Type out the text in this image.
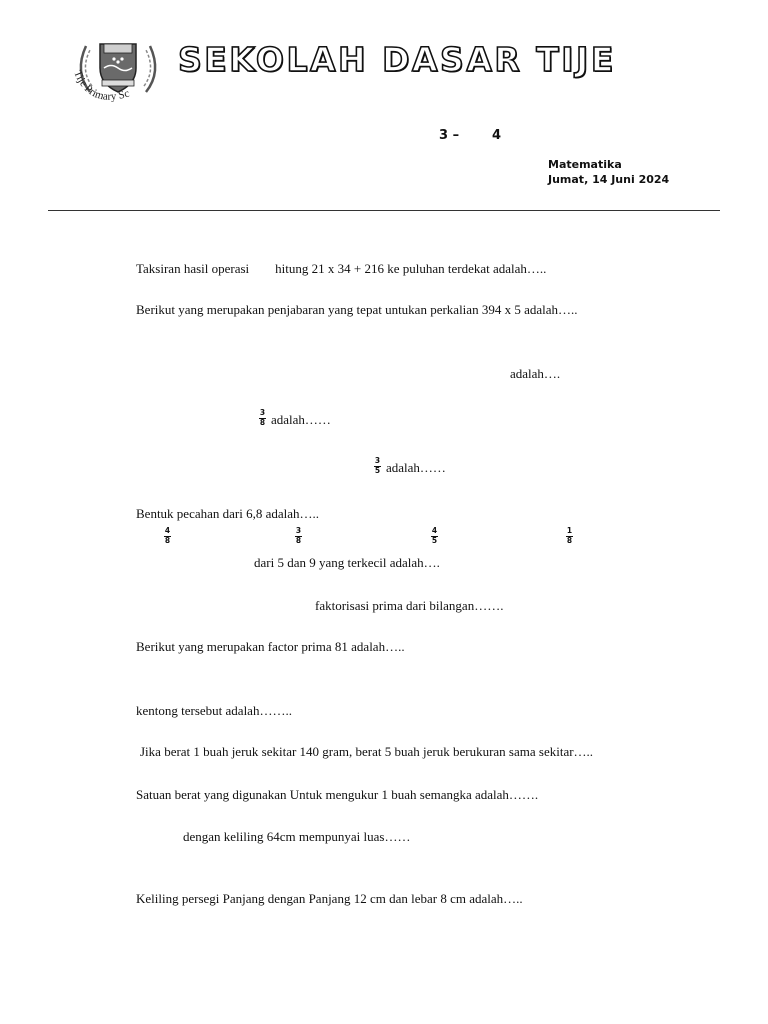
Tije Primary Sc
SEKOLAH DASAR TIJE
3 –	4
Matematika
Jumat, 14 Juni 2024
Taksiran hasil operasi        hitung 21 x 34 + 216 ke puluhan terdekat adalah…..
Berikut yang merupakan penjabaran yang tepat untukan perkalian 394 x 5 adalah…..
adalah….
3
8 adalah……
3
5 adalah……
Bentuk pecahan dari 6,8 adalah…..
4
8
3
8
4
5
1
8
dari 5 dan 9 yang terkecil adalah….
faktorisasi prima dari bilangan…….
Berikut yang merupakan factor prima 81 adalah…..
kentong tersebut adalah……..
Jika berat 1 buah jeruk sekitar 140 gram, berat 5 buah jeruk berukuran sama sekitar…..
Satuan berat yang digunakan Untuk mengukur 1 buah semangka adalah…….
dengan keliling 64cm mempunyai luas……
Keliling persegi Panjang dengan Panjang 12 cm dan lebar 8 cm adalah…..
